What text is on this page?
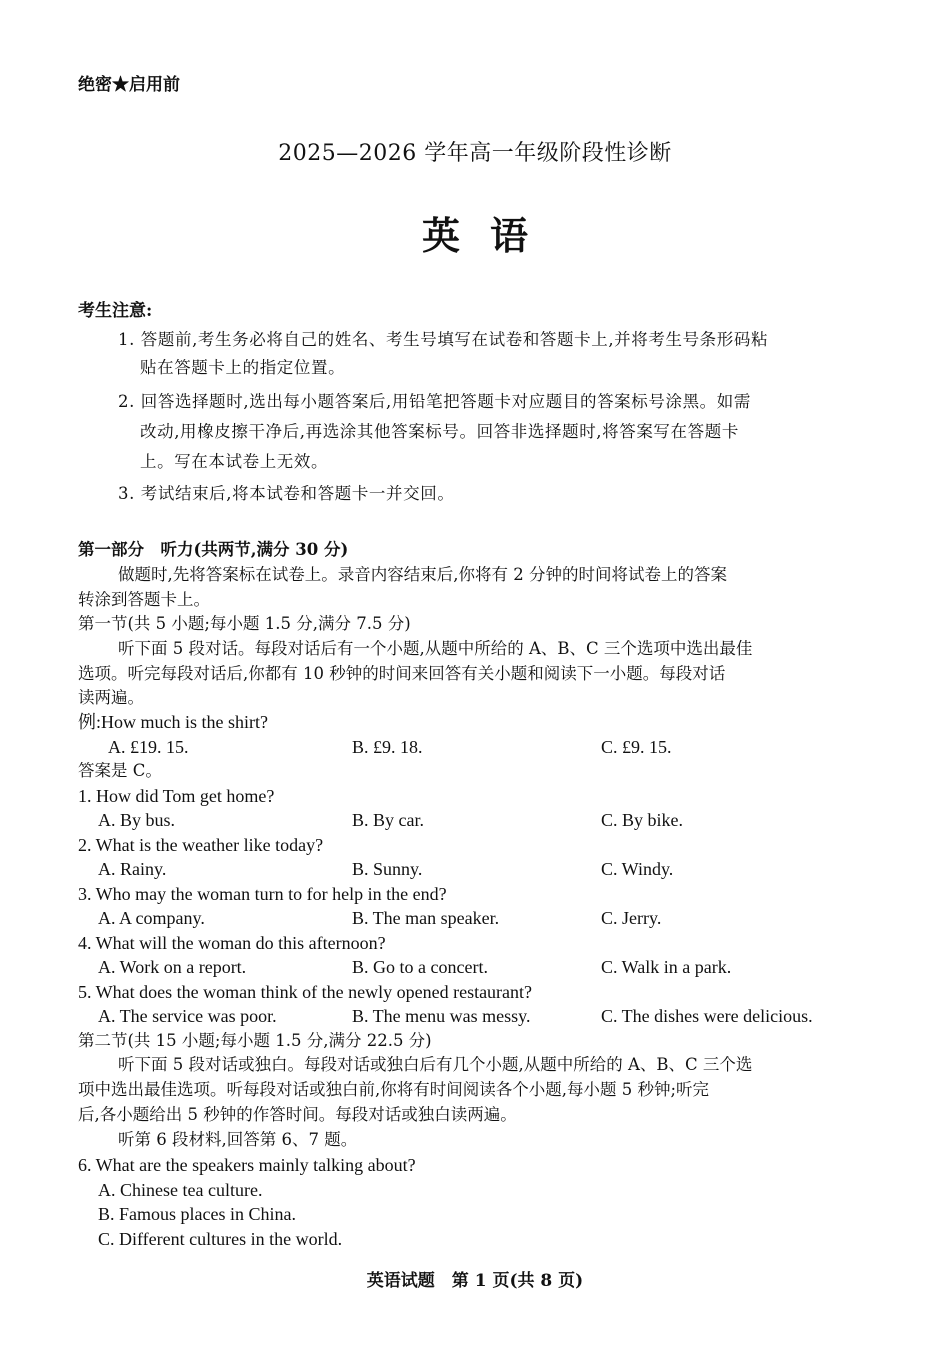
绝密★启用前
2025—2026 学年高一年级阶段性诊断
英语
考生注意:
1. 答题前,考生务必将自己的姓名、考生号填写在试卷和答题卡上,并将考生号条形码粘
贴在答题卡上的指定位置。
2. 回答选择题时,选出每小题答案后,用铅笔把答题卡对应题目的答案标号涂黑。如需
改动,用橡皮擦干净后,再选涂其他答案标号。回答非选择题时,将答案写在答题卡
上。写在本试卷上无效。
3. 考试结束后,将本试卷和答题卡一并交回。
第一部分　听力(共两节,满分 30 分)
做题时,先将答案标在试卷上。录音内容结束后,你将有 2 分钟的时间将试卷上的答案
转涂到答题卡上。
第一节(共 5 小题;每小题 1.5 分,满分 7.5 分)
听下面 5 段对话。每段对话后有一个小题,从题中所给的 A、B、C 三个选项中选出最佳
选项。听完每段对话后,你都有 10 秒钟的时间来回答有关小题和阅读下一小题。每段对话
读两遍。
例:How much is the shirt?
A. £19. 15.	B. £9. 18.	C. £9. 15.
答案是 C。
1. How did Tom get home?
A. By bus.	B. By car.	C. By bike.
2. What is the weather like today?
A. Rainy.	B. Sunny.	C. Windy.
3. Who may the woman turn to for help in the end?
A. A company.	B. The man speaker.	C. Jerry.
4. What will the woman do this afternoon?
A. Work on a report.	B. Go to a concert.	C. Walk in a park.
5. What does the woman think of the newly opened restaurant?
A. The service was poor.	B. The menu was messy.	C. The dishes were delicious.
第二节(共 15 小题;每小题 1.5 分,满分 22.5 分)
听下面 5 段对话或独白。每段对话或独白后有几个小题,从题中所给的 A、B、C 三个选
项中选出最佳选项。听每段对话或独白前,你将有时间阅读各个小题,每小题 5 秒钟;听完
后,各小题给出 5 秒钟的作答时间。每段对话或独白读两遍。
听第 6 段材料,回答第 6、7 题。
6. What are the speakers mainly talking about?
A. Chinese tea culture.
B. Famous places in China.
C. Different cultures in the world.
英语试题　第 1 页(共 8 页)
